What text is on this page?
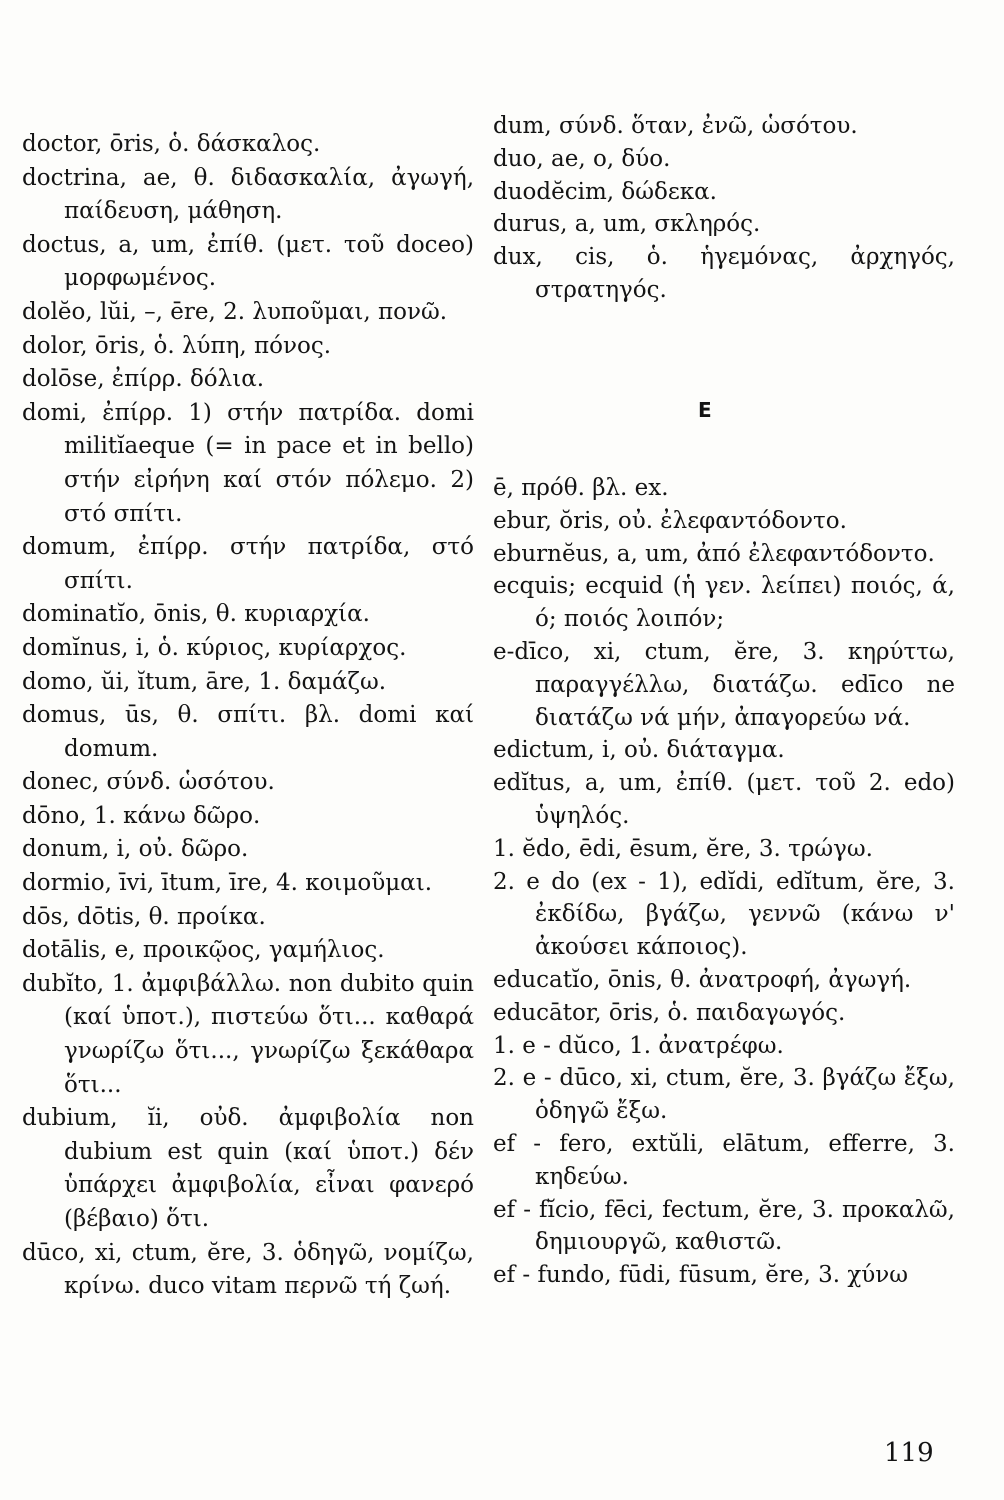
doctor, ōris, ὁ. δάσκαλος.

doctrina, ae, θ. διδασκαλία, ἀγωγή, παίδευση, μάθηση.

doctus, a, um, ἐπίθ. (μετ. τοῦ doceo) μορφωμένος.

dolĕo, lŭi, –, ēre, 2. λυποῦμαι, πονῶ.

dolor, ōris, ὁ. λύπη, πόνος.

dolōse, ἐπίρρ. δόλια.

domi, ἐπίρρ. 1) στήν πατρίδα. domi militĭaeque (= in pace et in bello) στήν εἰρήνη καί στόν πόλεμο. 2) στό σπίτι.

domum, ἐπίρρ. στήν πατρίδα, στό σπίτι.

dominatĭo, ōnis, θ. κυριαρχία.

domĭnus, i, ὁ. κύριος, κυρίαρχος.

domo, ŭi, ĭtum, āre, 1. δαμάζω.

domus, ūs, θ. σπίτι. βλ. domi καί domum.

donec, σύνδ. ὡσότου.

dōno, 1. κάνω δῶρο.

donum, i, οὐ. δῶρο.

dormio, īvi, ītum, īre, 4. κοιμοῦμαι.

dōs, dōtis, θ. προίκα.

dotālis, e, προικῷος, γαμήλιος.

dubĭto, 1. ἀμφιβάλλω. non dubito quin (καί ὑποτ.), πιστεύω ὅτι... καθαρά γνωρίζω ὅτι..., γνωρίζω ξεκάθαρα ὅτι...

dubium, ĭi, οὐδ. ἀμφιβολία non dubium est quin (καί ὑποτ.) δέν ὑπάρχει ἀμφιβολία, εἶναι φανερό (βέβαιο) ὅτι.

dūco, xi, ctum, ĕre, 3. ὁδηγῶ, νομίζω, κρίνω. duco vitam περνῶ τή ζωή.

dum, σύνδ. ὅταν, ἐνῶ, ὡσότου.

duo, ae, o, δύο.

duodĕcim, δώδεκα.

durus, a, um, σκληρός.

dux, cis, ὁ. ἡγεμόνας, ἀρχηγός, στρατηγός.

ē, πρόθ. βλ. ex.

ebur, ŏris, οὐ. ἐλεφαντόδοντο.

eburnĕus, a, um, ἀπό ἐλεφαντόδοντο.

ecquis; ecquid (ἡ γεν. λείπει) ποιός, ά, ό; ποιός λοιπόν;

e-dīco, xi, ctum, ĕre, 3. κηρύττω, παραγγέλλω, διατάζω. edīco ne διατάζω νά μήν, ἀπαγορεύω νά.

edictum, i, οὐ. διάταγμα.

edĭtus, a, um, ἐπίθ. (μετ. τοῦ 2. edo) ὑψηλός.

1. ĕdo, ēdi, ēsum, ĕre, 3. τρώγω.

2. e do (ex - 1), edĭdi, edĭtum, ĕre, 3. ἐκδίδω, βγάζω, γεννῶ (κάνω ν' ἀκούσει κάποιος).

educatĭo, ōnis, θ. ἀνατροφή, ἀγωγή.

educātor, ōris, ὁ. παιδαγωγός.

1. e - dŭco, 1. ἀνατρέφω.

2. e - dūco, xi, ctum, ĕre, 3. βγάζω ἔξω, ὁδηγῶ ἔξω.

ef - fero, extŭli, elātum, efferre, 3. κηδεύω.

ef - fĭcio, fēci, fectum, ĕre, 3. προκαλῶ, δημιουργῶ, καθιστῶ.

ef - fundo, fūdi, fūsum, ĕre, 3. χύνω

E
119
